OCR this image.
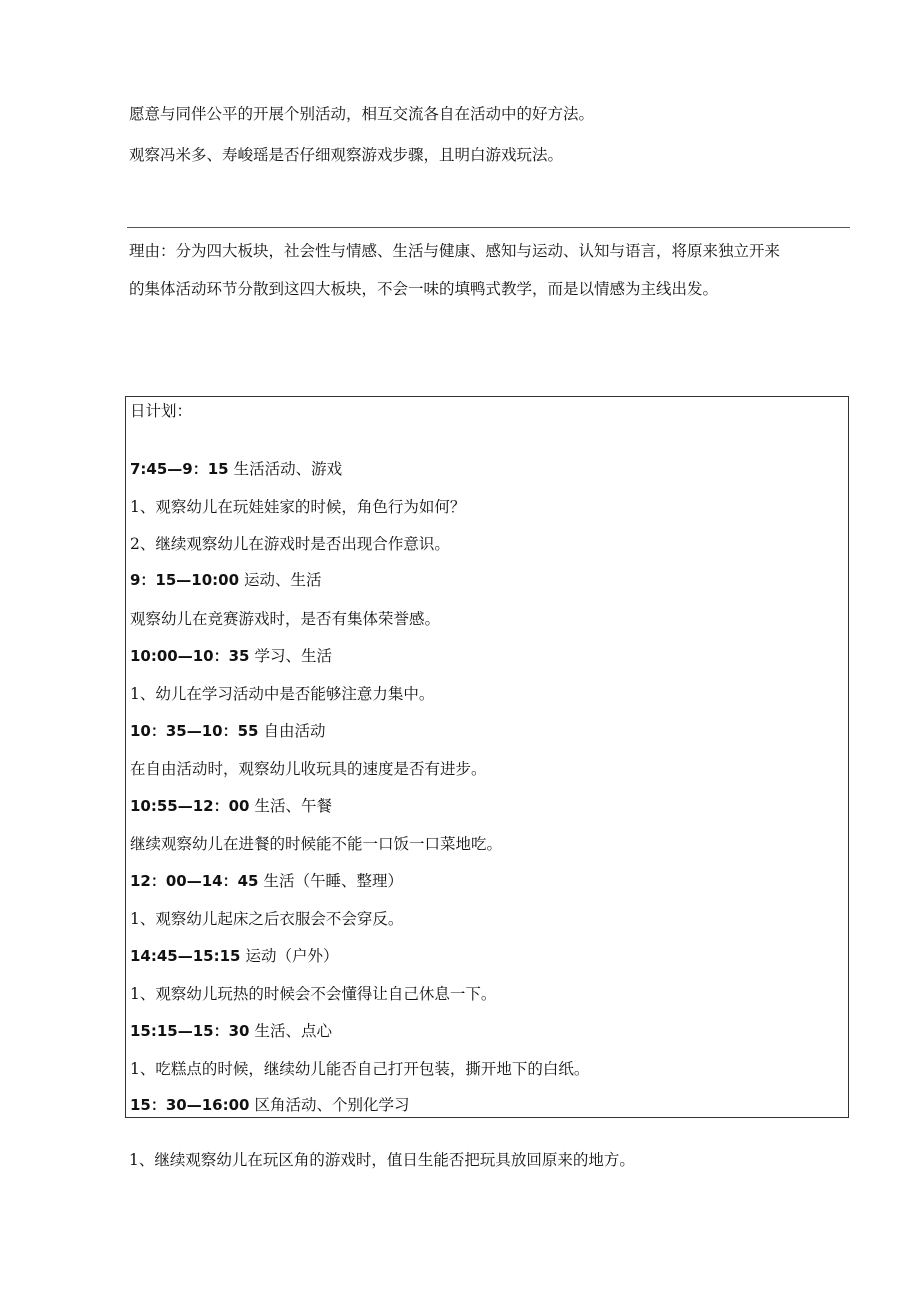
愿意与同伴公平的开展个别活动，相互交流各自在活动中的好方法。
观察冯米多、寿峻瑶是否仔细观察游戏步骤，且明白游戏玩法。
理由：分为四大板块，社会性与情感、生活与健康、感知与运动、认知与语言，将原来独立开来
的集体活动环节分散到这四大板块，不会一味的填鸭式教学，而是以情感为主线出发。
日计划：
7:45—9：15 生活活动、游戏
1、观察幼儿在玩娃娃家的时候，角色行为如何？
2、继续观察幼儿在游戏时是否出现合作意识。
9：15—10:00 运动、生活
观察幼儿在竞赛游戏时，是否有集体荣誉感。
10:00—10：35 学习、生活
1、幼儿在学习活动中是否能够注意力集中。
10：35—10：55 自由活动
在自由活动时，观察幼儿收玩具的速度是否有进步。
10:55—12：00 生活、午餐
继续观察幼儿在进餐的时候能不能一口饭一口菜地吃。
12：00—14：45 生活（午睡、整理）
1、观察幼儿起床之后衣服会不会穿反。
14:45—15:15 运动（户外）
1、观察幼儿玩热的时候会不会懂得让自己休息一下。
15:15—15：30 生活、点心
1、吃糕点的时候，继续幼儿能否自己打开包装，撕开地下的白纸。
15：30—16:00 区角活动、个别化学习
1、继续观察幼儿在玩区角的游戏时，值日生能否把玩具放回原来的地方。
